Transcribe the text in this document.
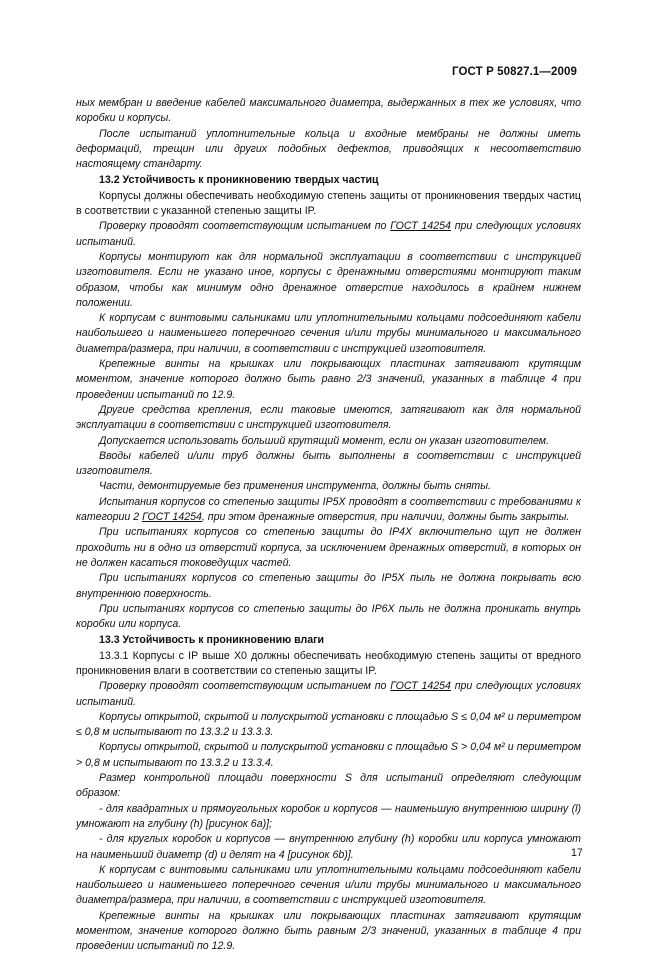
ГОСТ Р 50827.1—2009

ных мембран и введение кабелей максимального диаметра, выдержанных в тех же условиях, что коробки и корпусы.

После испытаний уплотнительные кольца и входные мембраны не должны иметь деформаций, трещин или других подобных дефектов, приводящих к несоответствию настоящему стандарту.

13.2 Устойчивость к проникновению твердых частиц

Корпусы должны обеспечивать необходимую степень защиты от проникновения твердых частиц в соответствии с указанной степенью защиты IP.

Проверку проводят соответствующим испытанием по ГОСТ 14254 при следующих условиях испытаний.

Корпусы монтируют как для нормальной эксплуатации в соответствии с инструкцией изготовителя. Если не указано иное, корпусы с дренажными отверстиями монтируют таким образом, чтобы как минимум одно дренажное отверстие находилось в крайнем нижнем положении.

К корпусам с винтовыми сальниками или уплотнительными кольцами подсоединяют кабели наибольшего и наименьшего поперечного сечения и/или трубы минимального и максимального диаметра/размера, при наличии, в соответствии с инструкцией изготовителя.

Крепежные винты на крышках или покрывающих пластинах затягивают крутящим моментом, значение которого должно быть равно 2/3 значений, указанных в таблице 4 при проведении испытаний по 12.9.

Другие средства крепления, если таковые имеются, затягивают как для нормальной эксплуатации в соответствии с инструкцией изготовителя.

Допускается использовать больший крутящий момент, если он указан изготовителем.

Вводы кабелей и/или труб должны быть выполнены в соответствии с инструкцией изготовителя.

Части, демонтируемые без применения инструмента, должны быть сняты.

Испытания корпусов со степенью защиты IP5X проводят в соответствии с требованиями к категории 2 ГОСТ 14254, при этом дренажные отверстия, при наличии, должны быть закрыты.

При испытаниях корпусов со степенью защиты до IP4X включительно щуп не должен проходить ни в одно из отверстий корпуса, за исключением дренажных отверстий, в которых он не должен касаться токоведущих частей.

При испытаниях корпусов со степенью защиты до IP5X пыль не должна покрывать всю внутреннюю поверхность.

При испытаниях корпусов со степенью защиты до IP6X пыль не должна проникать внутрь коробки или корпуса.

13.3 Устойчивость к проникновению влаги

13.3.1 Корпусы с IP выше X0 должны обеспечивать необходимую степень защиты от вредного проникновения влаги в соответствии со степенью защиты IP.

Проверку проводят соответствующим испытанием по ГОСТ 14254 при следующих условиях испытаний.

Корпусы открытой, скрытой и полускрытой установки с площадью S ≤ 0,04 м² и периметром ≤ 0,8 м испытывают по 13.3.2 и 13.3.3.

Корпусы открытой, скрытой и полускрытой установки с площадью S > 0,04 м² и периметром > 0,8 м испытывают по 13.3.2 и 13.3.4.

Размер контрольной площади поверхности S для испытаний определяют следующим образом:

- для квадратных и прямоугольных коробок и корпусов — наименьшую внутреннюю ширину (l) умножают на глубину (h) [рисунок 6a)];

- для круглых коробок и корпусов — внутреннюю глубину (h) коробки или корпуса умножают на наименьший диаметр (d) и делят на 4 [рисунок 6b)].

К корпусам с винтовыми сальниками или уплотнительными кольцами подсоединяют кабели наибольшего и наименьшего поперечного сечения и/или трубы минимального и максимального диаметра/размера, при наличии, в соответствии с инструкцией изготовителя.

Крепежные винты на крышках или покрывающих пластинах затягивают крутящим моментом, значение которого должно быть равным 2/3 значений, указанных в таблице 4 при проведении испытаний по 12.9.

17
